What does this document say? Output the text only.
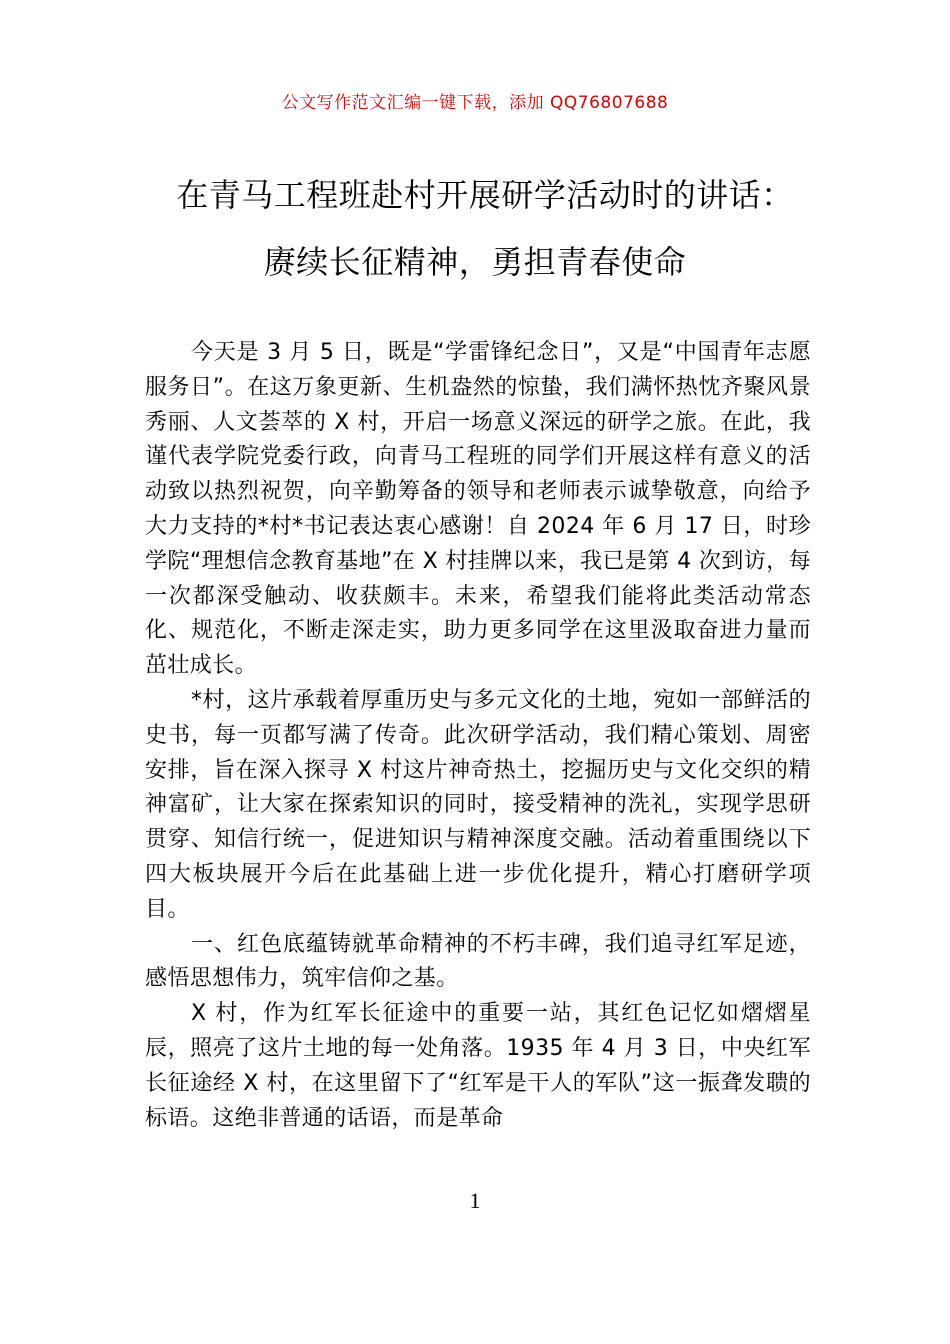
公文写作范文汇编一键下载，添加 QQ76807688
在青马工程班赴村开展研学活动时的讲话：
赓续长征精神，勇担青春使命

今天是 3 月 5 日，既是“学雷锋纪念日”，又是“中国青年志愿服务日”。在这万象更新、生机盎然的惊蛰，我们满怀热忱齐聚风景秀丽、人文荟萃的 X 村，开启一场意义深远的研学之旅。在此，我谨代表学院党委行政，向青马工程班的同学们开展这样有意义的活动致以热烈祝贺，向辛勤筹备的领导和老师表示诚挚敬意，向给予大力支持的*村*书记表达衷心感谢！自 2024 年 6 月 17 日，时珍学院“理想信念教育基地”在 X 村挂牌以来，我已是第 4 次到访，每一次都深受触动、收获颇丰。未来，希望我们能将此类活动常态化、规范化，不断走深走实，助力更多同学在这里汲取奋进力量而茁壮成长。

*村，这片承载着厚重历史与多元文化的土地，宛如一部鲜活的史书，每一页都写满了传奇。此次研学活动，我们精心策划、周密安排，旨在深入探寻 X 村这片神奇热土，挖掘历史与文化交织的精神富矿，让大家在探索知识的同时，接受精神的洗礼，实现学思研贯穿、知信行统一，促进知识与精神深度交融。活动着重围绕以下四大板块展开今后在此基础上进一步优化提升，精心打磨研学项目。

一、红色底蕴铸就革命精神的不朽丰碑，我们追寻红军足迹，感悟思想伟力，筑牢信仰之基。

X 村，作为红军长征途中的重要一站，其红色记忆如熠熠星辰，照亮了这片土地的每一处角落。1935 年 4 月 3 日，中央红军长征途经 X 村，在这里留下了“红军是干人的军队”这一振聋发聩的标语。这绝非普通的话语，而是革命

1
